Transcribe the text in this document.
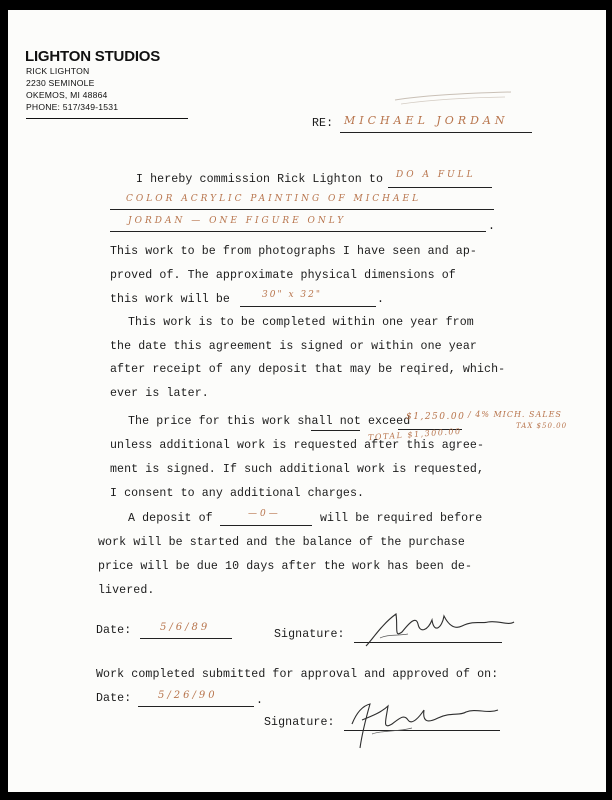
LIGHTON STUDIOS
RICK LIGHTON
2230 SEMINOLE
OKEMOS, MI 48864
PHONE: 517/349-1531
RE: MICHAEL JORDAN
I hereby commission Rick Lighton to DO A FULL
COLOR ACRYLIC PAINTING OF MICHAEL
JORDAN — ONE FIGURE ONLY	.
This work to be from photographs I have seen and ap-
proved of. The approximate physical dimensions of
this work will be	30" x 32"	.
This work is to be completed within one year from
the date this agreement is signed or within one year
after receipt of any deposit that may be reqired, which-
ever is later.
The price for this work shall not exceed
$1,250.00 / 4% MICH. SALES
TAX $50.00
TOTAL $1,300.00
unless additional work is requested after this agree-
ment is signed. If such additional work is requested,
I consent to any additional charges.
A deposit of	—0—	will be required before
work will be started and the balance of the purchase
price will be due 10 days after the work has been de-
livered.
Date:	5/6/89
Signature:
Work completed submitted for approval and approved of on:
Date:	5/26/90	.
Signature:
